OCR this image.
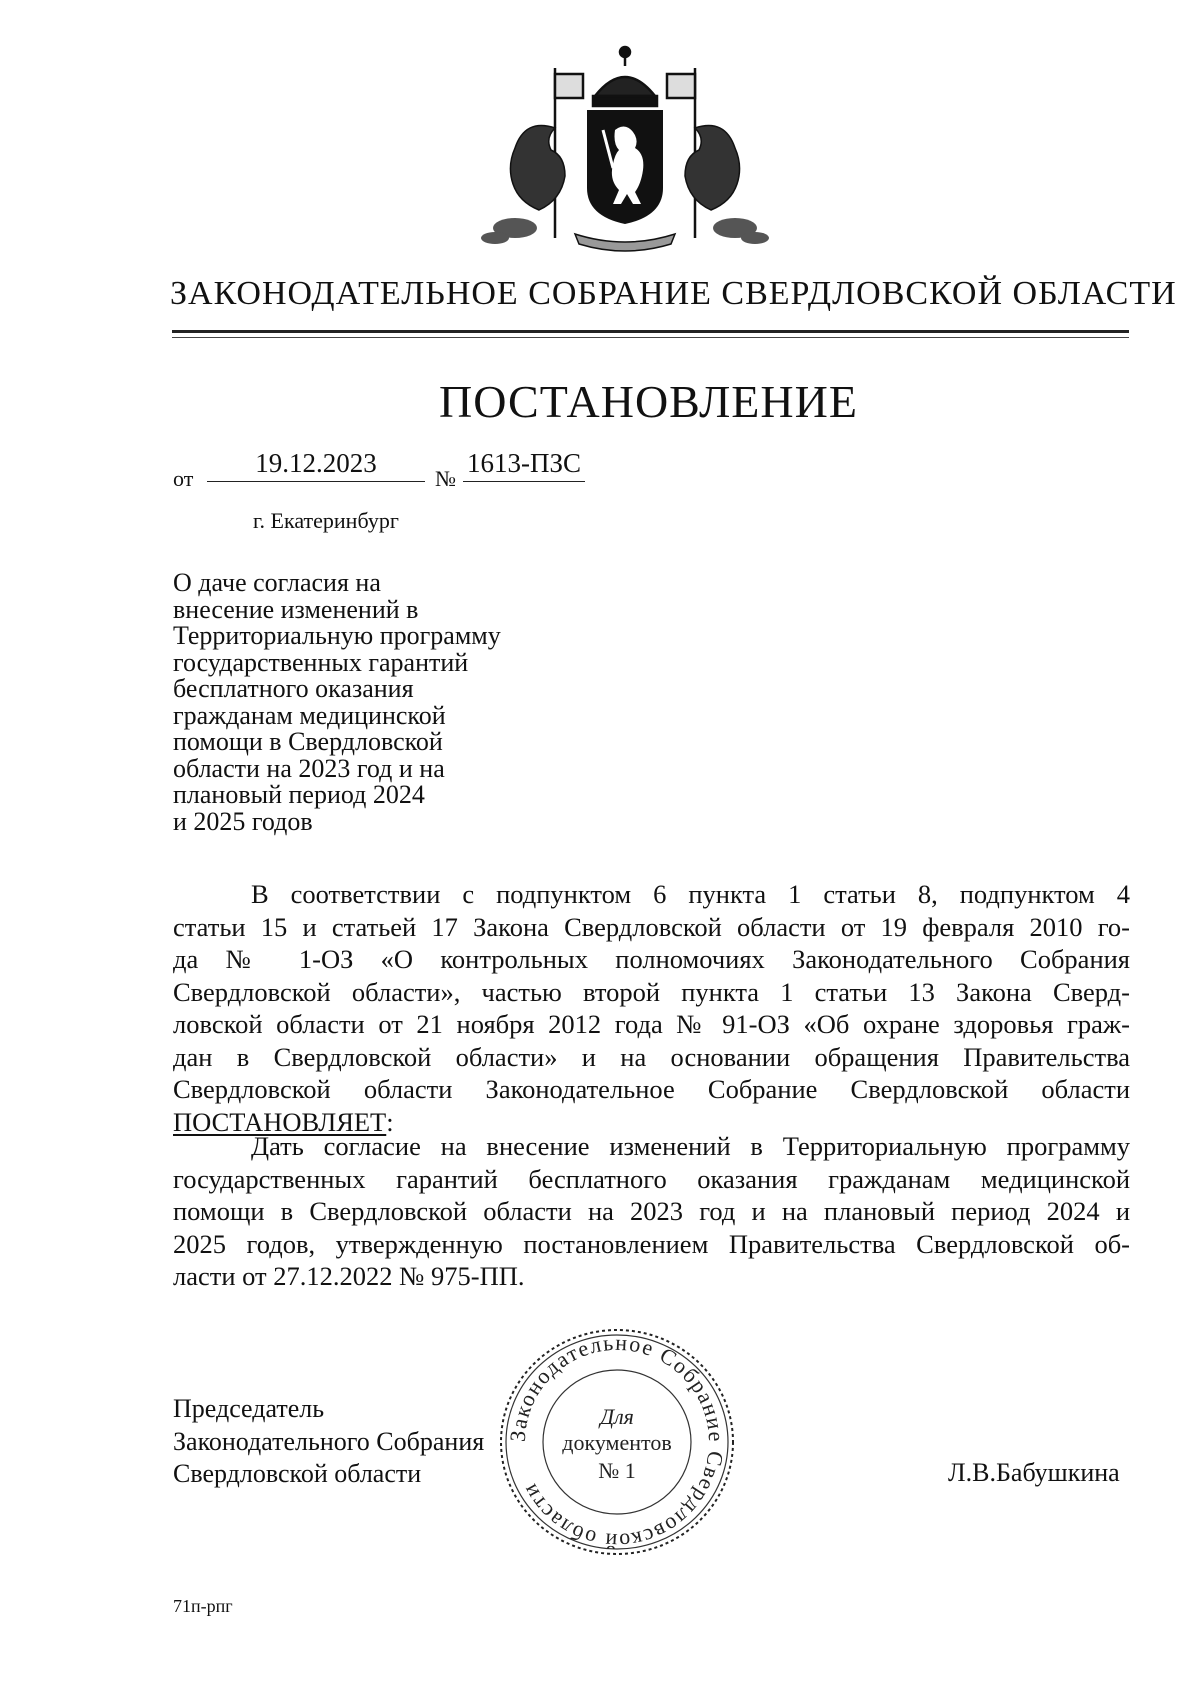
ЗАКОНОДАТЕЛЬНОЕ СОБРАНИЕ СВЕРДЛОВСКОЙ ОБЛАСТИ
ПОСТАНОВЛЕНИЕ
от
19.12.2023
№
1613-ПЗС
г. Екатеринбург
О даче согласия на
внесение изменений в
Территориальную программу
государственных гарантий
бесплатного оказания
гражданам медицинской
помощи в Свердловской
области на 2023 год и на
плановый период 2024
и 2025 годов
В соответствии с подпунктом 6 пункта 1 статьи 8, подпунктом 4
статьи 15 и статьей 17 Закона Свердловской области от 19 февраля 2010 го-
да № 1-ОЗ «О контрольных полномочиях Законодательного Собрания
Свердловской области», частью второй пункта 1 статьи 13 Закона Сверд-
ловской области от 21 ноября 2012 года № 91-ОЗ «Об охране здоровья граж-
дан в Свердловской области» и на основании обращения Правительства
Свердловской области Законодательное Собрание Свердловской области
ПОСТАНОВЛЯЕТ:
Дать согласие на внесение изменений в Территориальную программу
государственных гарантий бесплатного оказания гражданам медицинской
помощи в Свердловской области на 2023 год и на плановый период 2024 и
2025 годов, утвержденную постановлением Правительства Свердловской об-
ласти от 27.12.2022 № 975-ПП.
Законодательное Собрание Свердловской области
Для
документов
№ 1
Председатель
Законодательного Собрания
Свердловской области	Л.В.Бабушкина
71п-рпг
